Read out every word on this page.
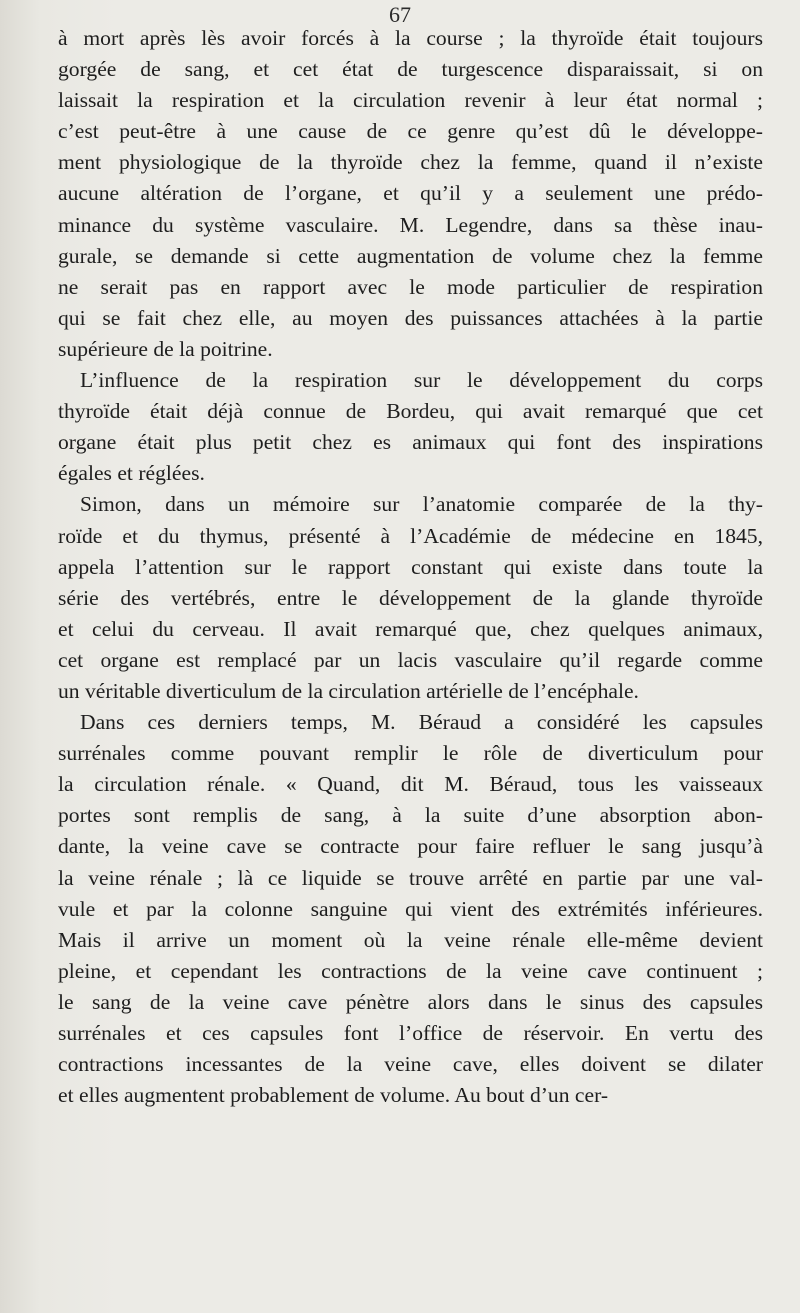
67
à mort après lès avoir forcés à la course ; la thyroïde était toujours
gorgée de sang, et cet état de turgescence disparaissait, si on
laissait la respiration et la circulation revenir à leur état normal ;
c’est peut-être à une cause de ce genre qu’est dû le développe-
ment physiologique de la thyroïde chez la femme, quand il n’existe
aucune altération de l’organe, et qu’il y a seulement une prédo-
minance du système vasculaire. M. Legendre, dans sa thèse inau-
gurale, se demande si cette augmentation de volume chez la femme
ne serait pas en rapport avec le mode particulier de respiration
qui se fait chez elle, au moyen des puissances attachées à la partie
supérieure de la poitrine.
L’influence de la respiration sur le développement du corps
thyroïde était déjà connue de Bordeu, qui avait remarqué que cet
organe était plus petit chez es animaux qui font des inspirations
égales et réglées.
Simon, dans un mémoire sur l’anatomie comparée de la thy-
roïde et du thymus, présenté à l’Académie de médecine en 1845,
appela l’attention sur le rapport constant qui existe dans toute la
série des vertébrés, entre le développement de la glande thyroïde
et celui du cerveau. Il avait remarqué que, chez quelques animaux,
cet organe est remplacé par un lacis vasculaire qu’il regarde comme
un véritable diverticulum de la circulation artérielle de l’encéphale.
Dans ces derniers temps, M. Béraud a considéré les capsules
surrénales comme pouvant remplir le rôle de diverticulum pour
la circulation rénale. « Quand, dit M. Béraud, tous les vaisseaux
portes sont remplis de sang, à la suite d’une absorption abon-
dante, la veine cave se contracte pour faire refluer le sang jusqu’à
la veine rénale ; là ce liquide se trouve arrêté en partie par une val-
vule et par la colonne sanguine qui vient des extrémités inférieures.
Mais il arrive un moment où la veine rénale elle-même devient
pleine, et cependant les contractions de la veine cave continuent ;
le sang de la veine cave pénètre alors dans le sinus des capsules
surrénales et ces capsules font l’office de réservoir. En vertu des
contractions incessantes de la veine cave, elles doivent se dilater
et elles augmentent probablement de volume. Au bout d’un cer-
